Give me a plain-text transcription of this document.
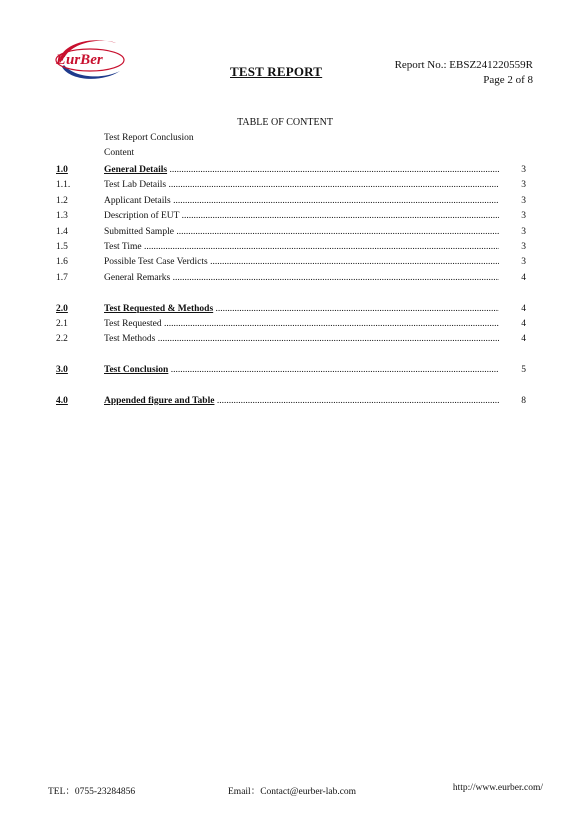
EurBer
TEST REPORT	Report No.: EBSZ241220559R
Page 2 of 8
TABLE OF CONTENT
Test Report Conclusion
Content
1.0	General Details .....	3
1.1.	Test Lab Details .....	3
1.2	Applicant Details .....	3
1.3	Description of EUT .....	3
1.4	Submitted Sample .....	3
1.5	Test Time .....	3
1.6	Possible Test Case Verdicts .....	3
1.7	General Remarks .....	4
2.0	Test Requested & Methods .....	4
2.1	Test Requested .....	4
2.2	Test Methods .....	4
3.0	Test Conclusion .....	5
4.0	Appended figure and Table .....	8
TEL：0755-23284856	Email：Contact@eurber-lab.com	http://www.eurber.com/
